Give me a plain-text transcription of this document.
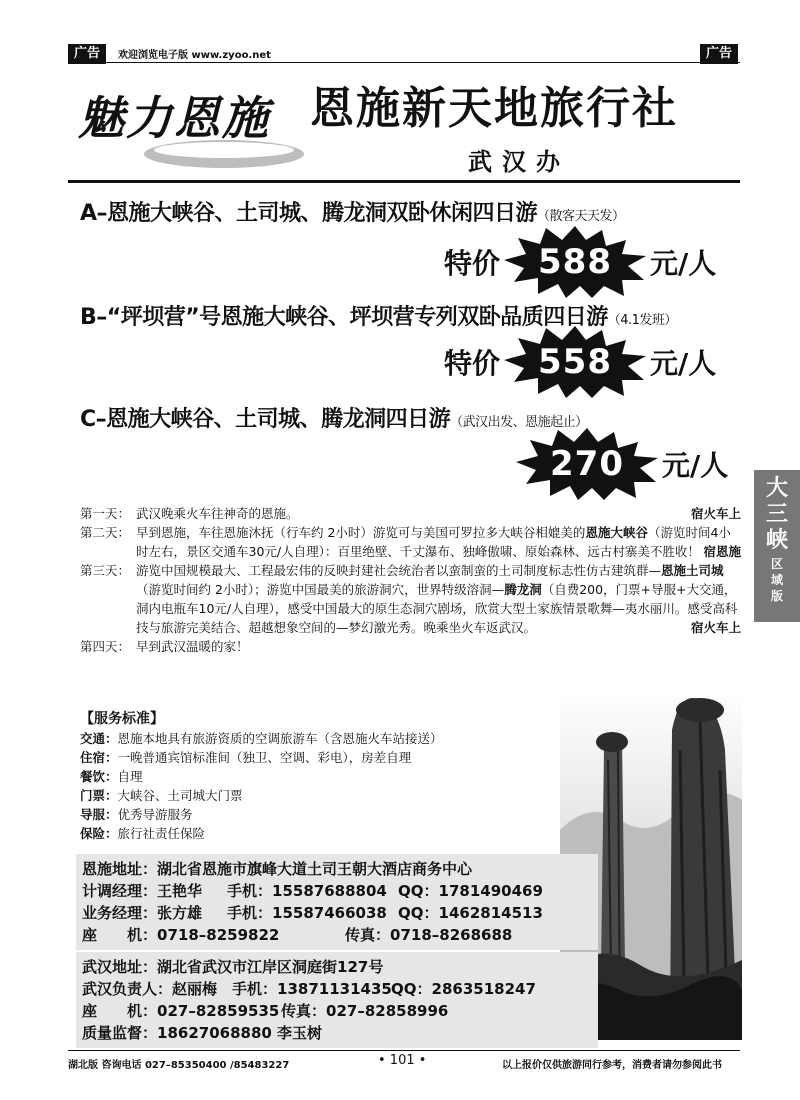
广告	欢迎浏览电子版 www.zyoo.net	广告
魅力恩施 恩施新天地旅行社
武汉办
A–恩施大峡谷、土司城、腾龙洞双卧休闲四日游（散客天天发）
特价	588	元/人
B–“坪坝营”号恩施大峡谷、坪坝营专列双卧品质四日游（4.1发班）
特价	558	元/人
C–恩施大峡谷、土司城、腾龙洞四日游（武汉出发、恩施起止）
270	元/人
第一天： 武汉晚乘火车往神奇的恩施。	宿火车上
第二天： 早到恩施，车往恩施沐抚（行车约 2小时）游览可与美国可罗拉多大峡谷相媲美的恩施大峡谷（游览时间4小时左右，景区交通车30元/人自理）：百里绝壁、千丈瀑布、独峰傲啸、原始森林、远古村寨美不胜收！ 宿恩施
第三天： 游览中国规模最大、工程最宏伟的反映封建社会统治者以蛮制蛮的土司制度标志性仿古建筑群—恩施土司城（游览时间约 2小时）；游览中国最美的旅游洞穴，世界特级溶洞—腾龙洞（自费200，门票+导服+大交通，洞内电瓶车10元/人自理），感受中国最大的原生态洞穴剧场，欣赏大型土家族情景歌舞—夷水丽川。感受高科技与旅游完美结合、超越想象空间的—梦幻激光秀。晚乘坐火车返武汉。	宿火车上
第四天： 早到武汉温暖的家！
【服务标准】
交通：恩施本地具有旅游资质的空调旅游车（含恩施火车站接送）
住宿：一晚普通宾馆标准间（独卫、空调、彩电），房差自理
餐饮：自理
门票：大峡谷、土司城大门票
导服：优秀导游服务
保险：旅行社责任保险
恩施地址： 湖北省恩施市旗峰大道土司王朝大酒店商务中心
计调经理： 王艳华	手机： 15587688804 QQ： 1781490469
业务经理： 张方雄	手机： 15587466038 QQ： 1462814513
座　　机： 0718–8259822	传真： 0718–8268688
武汉地址： 湖北省武汉市江岸区洞庭街127号
武汉负责人： 赵丽梅 手机： 13871131435 QQ： 2863518247
座　　机： 027–82859535 传真： 027–82858996
质量监督： 18627068880 李玉树
大
三
峡
区
域
版
湖北版 咨询电话 027–85350400 /85483227	• 101 •	以上报价仅供旅游同行参考，消费者请勿参阅此书
